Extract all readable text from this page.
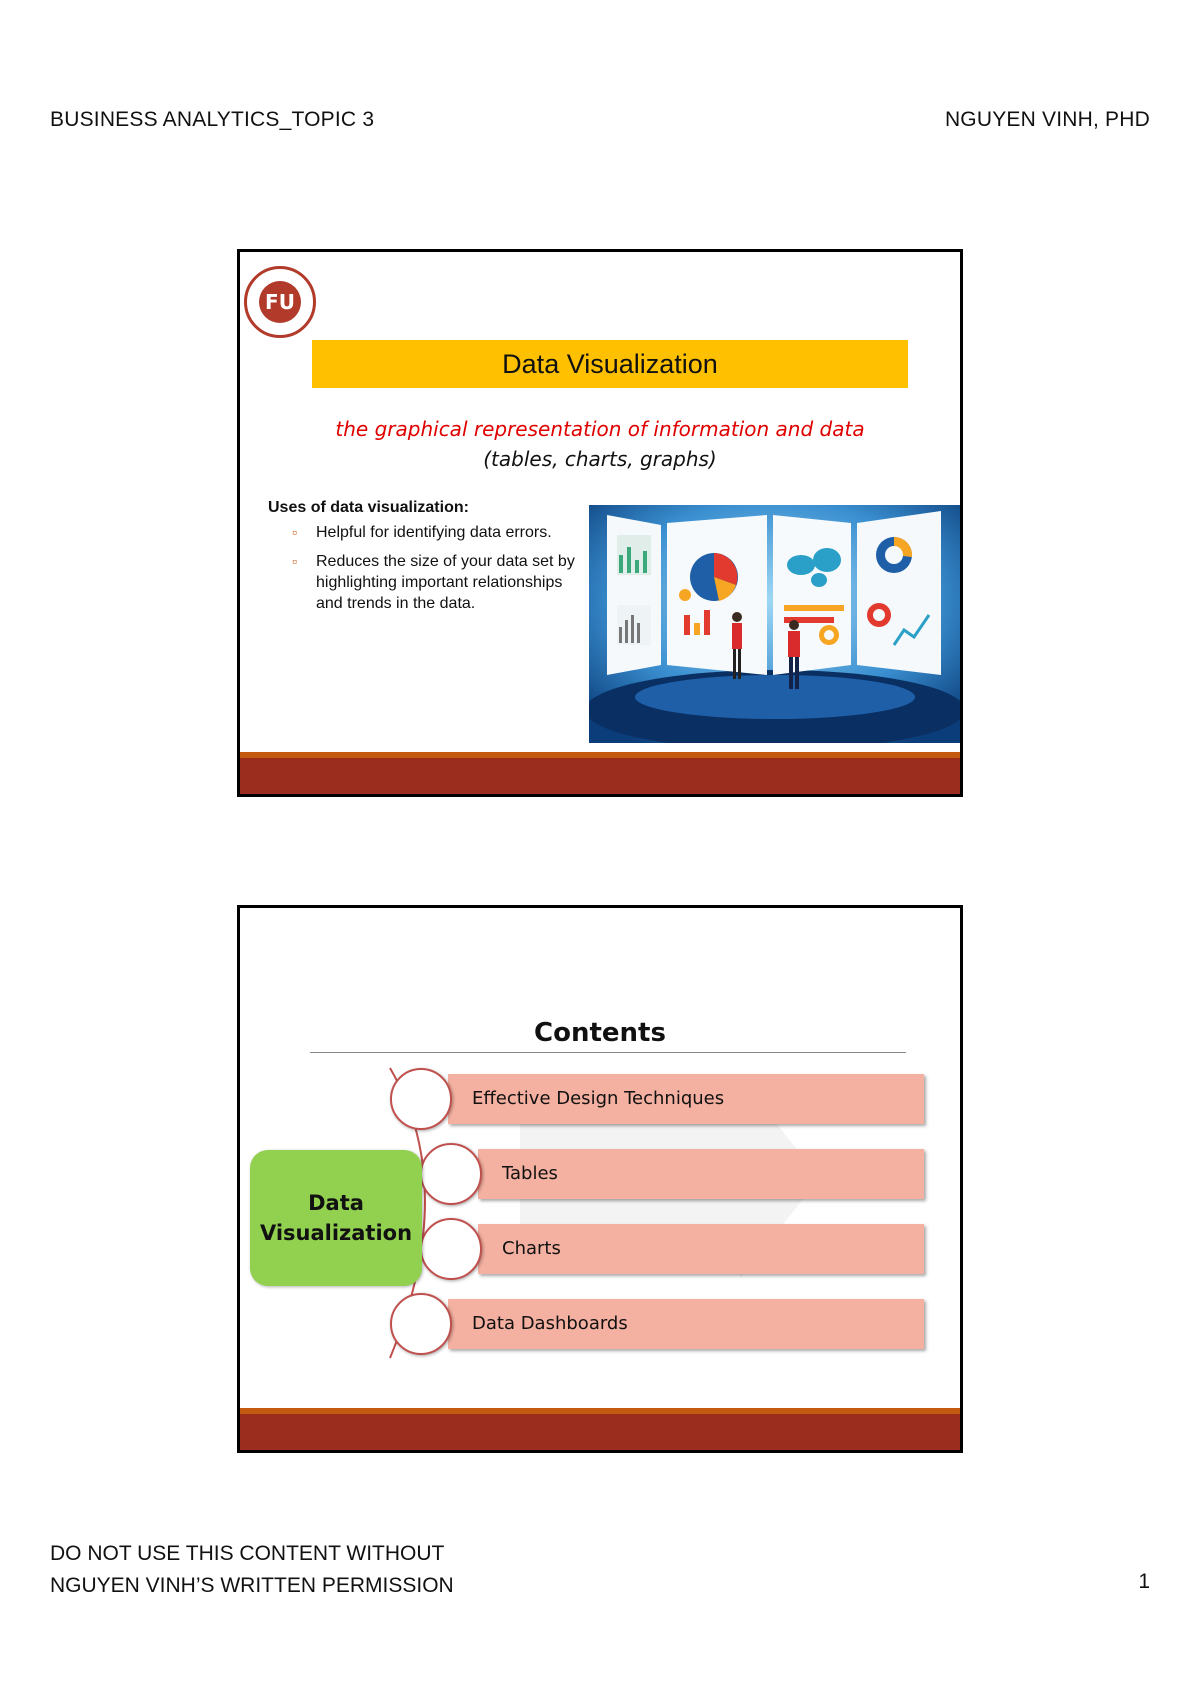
BUSINESS ANALYTICS_TOPIC 3	NGUYEN VINH, PHD
FU
Data Visualization
the graphical representation of information and data
(tables, charts, graphs)
Uses of data visualization:
▫ Helpful for identifying data errors.
▫ Reduces the size of your data set by highlighting important relationships and trends in the data.
Contents
Effective Design Techniques
Tables
Charts
Data Dashboards
Data
Visualization
DO NOT USE THIS CONTENT WITHOUT
NGUYEN VINH’S WRITTEN PERMISSION	1
